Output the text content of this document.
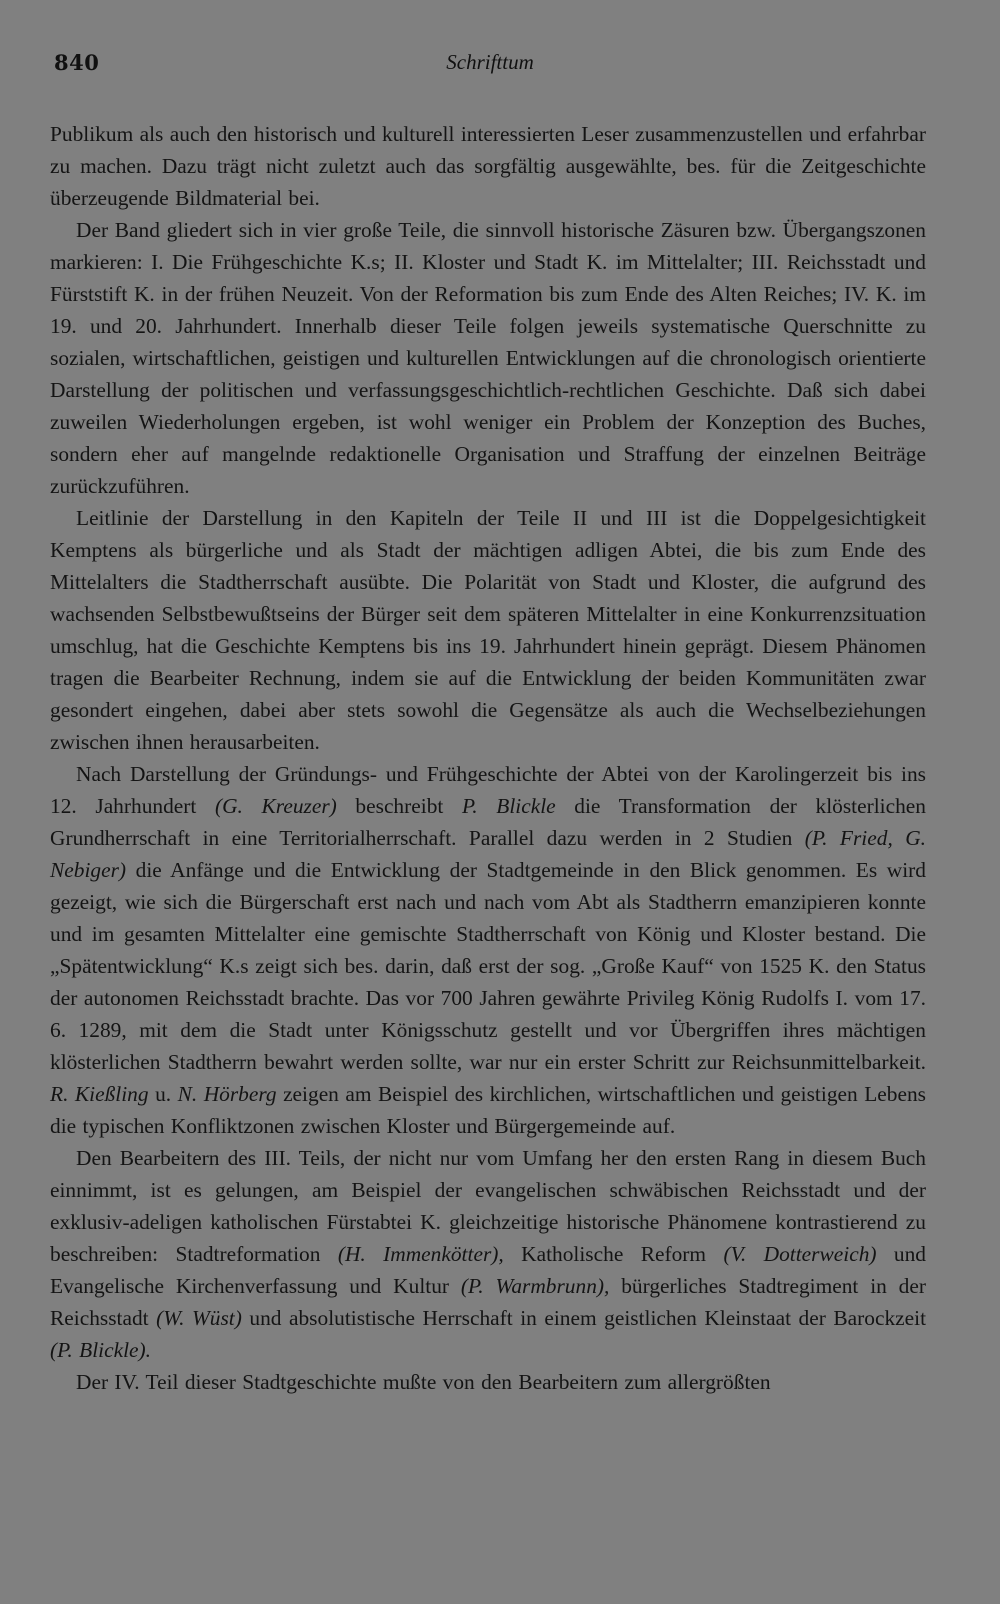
840	Schrifttum

Publikum als auch den historisch und kulturell interessierten Leser zusammenzustellen und erfahrbar zu machen. Dazu trägt nicht zuletzt auch das sorgfältig ausgewählte, bes. für die Zeitgeschichte überzeugende Bildmaterial bei.

Der Band gliedert sich in vier große Teile, die sinnvoll historische Zäsuren bzw. Übergangszonen markieren: I. Die Frühgeschichte K.s; II. Kloster und Stadt K. im Mittelalter; III. Reichsstadt und Fürststift K. in der frühen Neuzeit. Von der Reformation bis zum Ende des Alten Reiches; IV. K. im 19. und 20. Jahrhundert. Innerhalb dieser Teile folgen jeweils systematische Querschnitte zu sozialen, wirtschaftlichen, geistigen und kulturellen Entwicklungen auf die chronologisch orientierte Darstellung der politischen und verfassungsgeschichtlich-rechtlichen Geschichte. Daß sich dabei zuweilen Wiederholungen ergeben, ist wohl weniger ein Problem der Konzeption des Buches, sondern eher auf mangelnde redaktionelle Organisation und Straffung der einzelnen Beiträge zurückzuführen.

Leitlinie der Darstellung in den Kapiteln der Teile II und III ist die Doppelgesichtigkeit Kemptens als bürgerliche und als Stadt der mächtigen adligen Abtei, die bis zum Ende des Mittelalters die Stadtherrschaft ausübte. Die Polarität von Stadt und Kloster, die aufgrund des wachsenden Selbstbewußtseins der Bürger seit dem späteren Mittelalter in eine Konkurrenzsituation umschlug, hat die Geschichte Kemptens bis ins 19. Jahrhundert hinein geprägt. Diesem Phänomen tragen die Bearbeiter Rechnung, indem sie auf die Entwicklung der beiden Kommunitäten zwar gesondert eingehen, dabei aber stets sowohl die Gegensätze als auch die Wechselbeziehungen zwischen ihnen herausarbeiten.

Nach Darstellung der Gründungs- und Frühgeschichte der Abtei von der Karolingerzeit bis ins 12. Jahrhundert (G. Kreuzer) beschreibt P. Blickle die Transformation der klösterlichen Grundherrschaft in eine Territorialherrschaft. Parallel dazu werden in 2 Studien (P. Fried, G. Nebiger) die Anfänge und die Entwicklung der Stadtgemeinde in den Blick genommen. Es wird gezeigt, wie sich die Bürgerschaft erst nach und nach vom Abt als Stadtherrn emanzipieren konnte und im gesamten Mittelalter eine gemischte Stadtherrschaft von König und Kloster bestand. Die „Spätentwicklung“ K.s zeigt sich bes. darin, daß erst der sog. „Große Kauf“ von 1525 K. den Status der autonomen Reichsstadt brachte. Das vor 700 Jahren gewährte Privileg König Rudolfs I. vom 17. 6. 1289, mit dem die Stadt unter Königsschutz gestellt und vor Übergriffen ihres mächtigen klösterlichen Stadtherrn bewahrt werden sollte, war nur ein erster Schritt zur Reichsunmittelbarkeit. R. Kießling u. N. Hörberg zeigen am Beispiel des kirchlichen, wirtschaftlichen und geistigen Lebens die typischen Konfliktzonen zwischen Kloster und Bürgergemeinde auf.

Den Bearbeitern des III. Teils, der nicht nur vom Umfang her den ersten Rang in diesem Buch einnimmt, ist es gelungen, am Beispiel der evangelischen schwäbischen Reichsstadt und der exklusiv-adeligen katholischen Fürstabtei K. gleichzeitige historische Phänomene kontrastierend zu beschreiben: Stadtreformation (H. Immenkötter), Katholische Reform (V. Dotterweich) und Evangelische Kirchenverfassung und Kultur (P. Warmbrunn), bürgerliches Stadtregiment in der Reichsstadt (W. Wüst) und absolutistische Herrschaft in einem geistlichen Kleinstaat der Barockzeit (P. Blickle).

Der IV. Teil dieser Stadtgeschichte mußte von den Bearbeitern zum allergrößten
